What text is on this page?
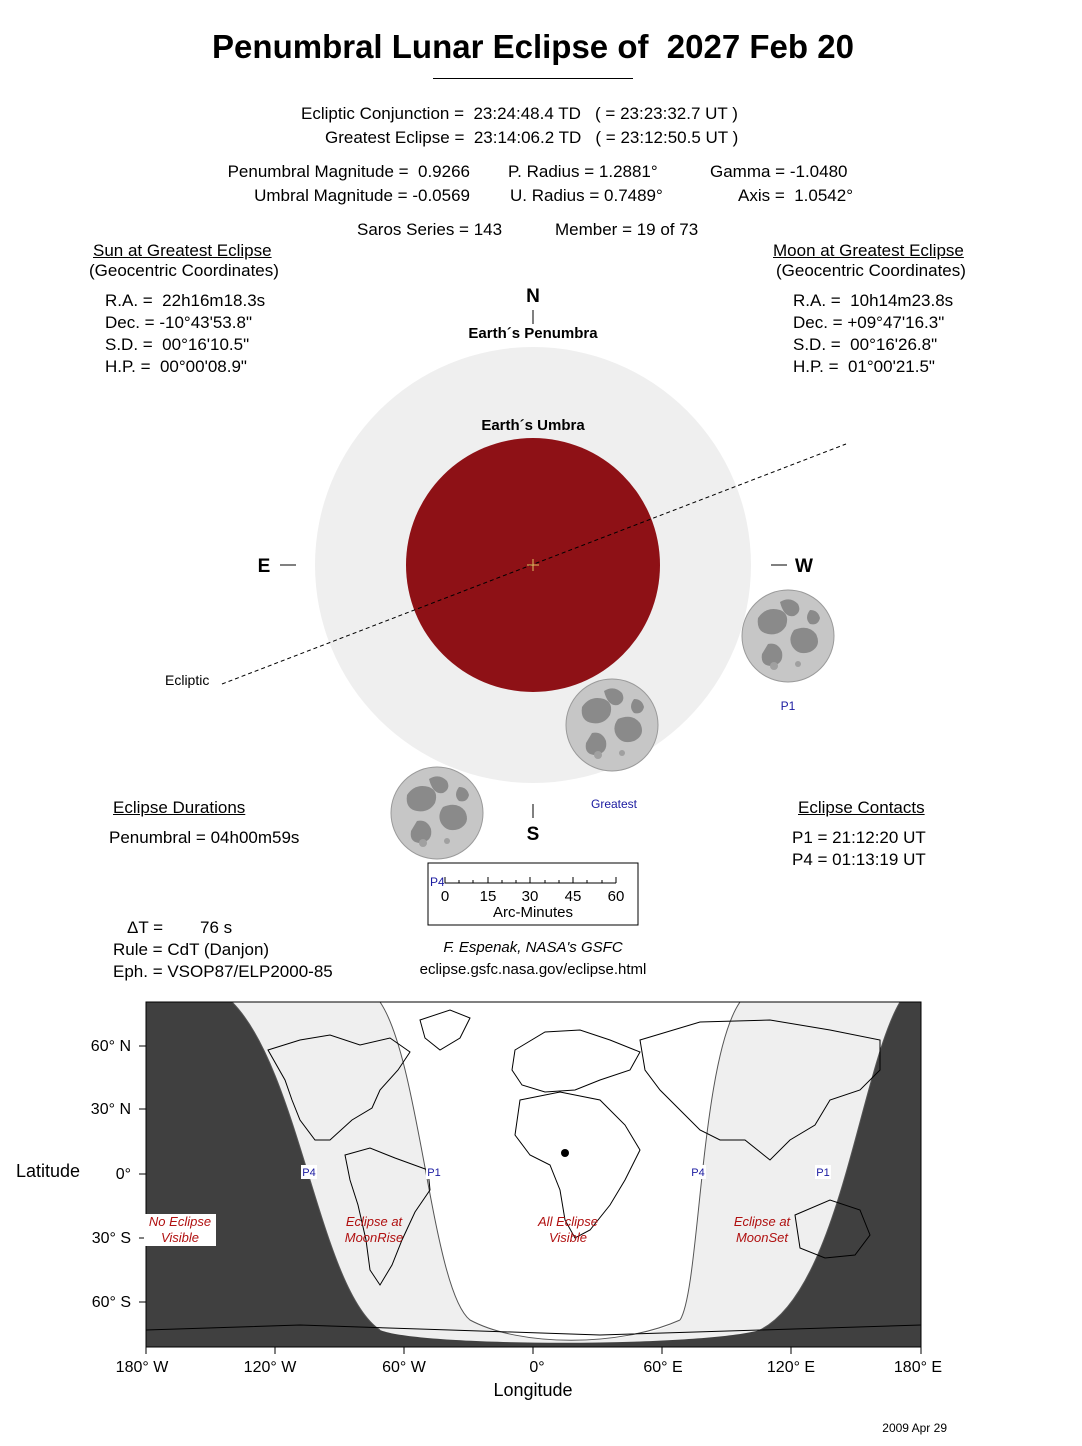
Penumbral Lunar Eclipse of  2027 Feb 20
Ecliptic Conjunction =  23:24:48.4 TD   ( = 23:23:32.7 UT )
Greatest Eclipse =  23:14:06.2 TD   ( = 23:12:50.5 UT )
Penumbral Magnitude =  0.9266
Umbral Magnitude = -0.0569
P. Radius = 1.2881°
U. Radius = 0.7489°
Gamma = -1.0480
Axis =  1.0542°
Saros Series = 143	Member = 19 of 73
Sun at Greatest Eclipse
(Geocentric Coordinates)
R.A. =  22h16m18.3s
Dec. = -10°43'53.8"
S.D. =  00°16'10.5"
H.P. =  00°00'08.9"
Moon at Greatest Eclipse
(Geocentric Coordinates)
R.A. =  10h14m23.8s
Dec. = +09°47'16.3"
S.D. =  00°16'26.8"
H.P. =  01°00'21.5"
N
S
E	W
Earth´s Penumbra
Earth´s Umbra
Ecliptic
P1
Greatest
P4
0 15 30 45 60
Arc-Minutes
Eclipse Durations
Penumbral = 04h00m59s
Eclipse Contacts
P1 = 21:12:20 UT
P4 = 01:13:19 UT
ΔT = 76 s
Rule = CdT (Danjon)
Eph. = VSOP87/ELP2000-85
F. Espenak, NASA's GSFC
eclipse.gsfc.nasa.gov/eclipse.html
60° N
30° N
0°
30° S
60° S
Latitude
180° W	120° W	60° W	0°	60° E	120° E	180° E
Longitude
P4	P1	P4	P1
No Eclipse
Visible
Eclipse at
MoonRise
All Eclipse
Visible
Eclipse at
MoonSet
2009 Apr 29
